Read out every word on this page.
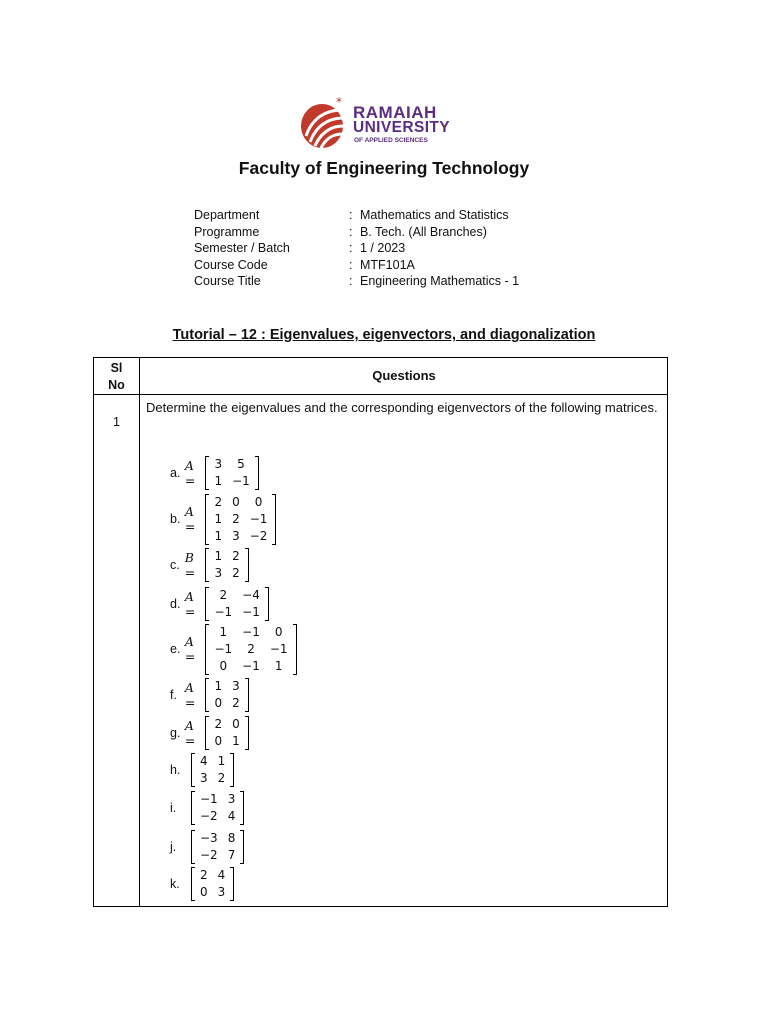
*
RAMAIAH
UNIVERSITY
OF APPLIED SCIENCES
Faculty of Engineering Technology
Department	: Mathematics and Statistics
Programme	: B. Tech. (All Branches)
Semester / Batch	: 1 / 2023
Course Code	: MTF101A
Course Title	: Engineering Mathematics - 1
Tutorial – 12 : Eigenvalues, eigenvectors, and diagonalization
Sl
No
Questions
1
Determine the eigenvalues and the corresponding eigenvectors of the following matrices.
a. A =
3	5
1	−1
b. A =
2	0	0
1	2	−1
1	3	−2
c. B =
1	2
3	2
d. A =
2	−4
−1	−1
e. A =
1	−1	0
−1	2	−1
0	−1	1
f. A =
1	3
0	2
g. A =
2	0
0	1
h.
4	1
3	2
i.
−1	3
−2	4
j.
−3	8
−2	7
k.
2	4
0	3
